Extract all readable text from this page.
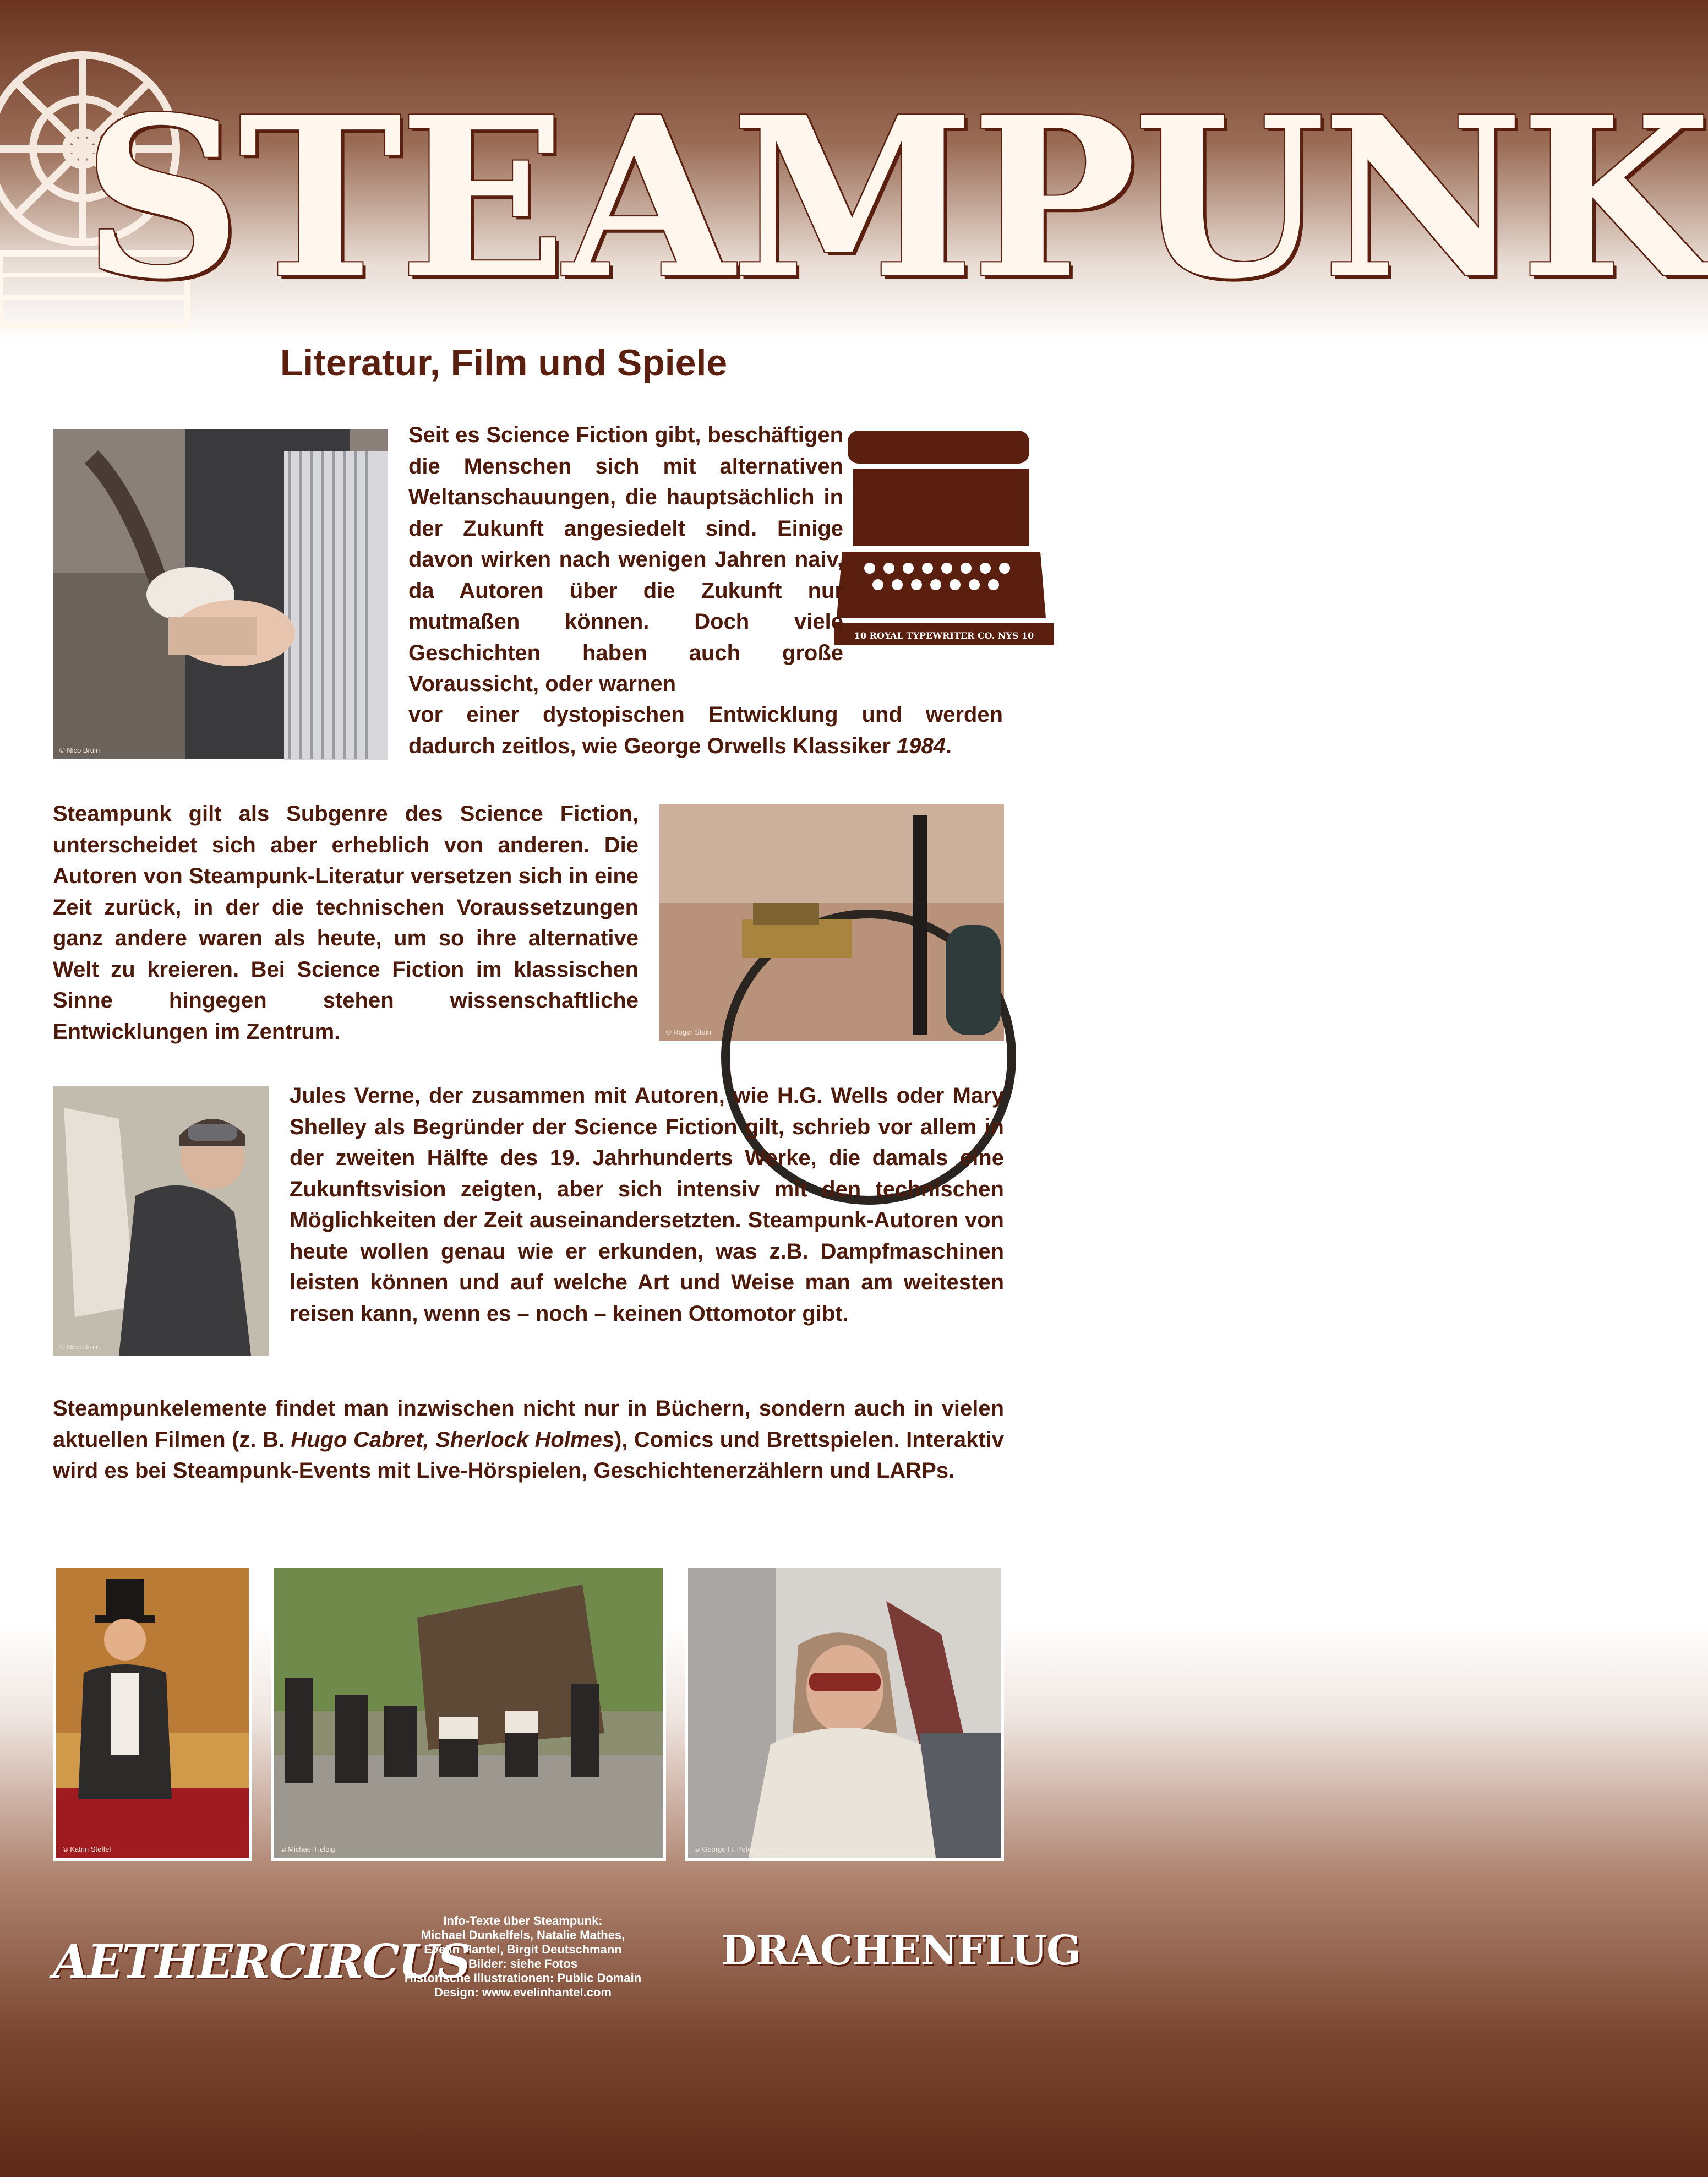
STEAMPUNK
Literatur, Film und Spiele
© Nico Bruin
10 ROYAL TYPEWRITER CO. NYS 10

Seit es Science Fiction gibt, beschäftigen die Menschen sich mit alternativen Weltanschauungen, die hauptsächlich in der Zukunft angesiedelt sind. Einige davon wirken nach wenigen Jahren naiv, da Autoren über die Zukunft nur mutmaßen können. Doch viele Geschichten haben auch große Voraussicht, oder warnen

vor einer dystopischen Entwicklung und werden dadurch zeitlos, wie George Orwells Klassiker 1984.

Steampunk gilt als Subgenre des Science Fiction, unterscheidet sich aber erheblich von anderen. Die Autoren von Steampunk-Literatur versetzen sich in eine Zeit zurück, in der die technischen Voraussetzungen ganz andere waren als heute, um so ihre alternative Welt zu kreieren. Bei Science Fiction im klassischen Sinne hingegen stehen wissenschaftliche Entwicklungen im Zentrum.	© Roger Stein
© Nico Bruin

Jules Verne, der zusammen mit Autoren, wie H.G. Wells oder Mary Shelley als Begründer der Science Fiction gilt, schrieb vor allem in der zweiten Hälfte des 19. Jahrhunderts Werke, die damals eine Zukunftsvision zeigten, aber sich intensiv mit den technischen Möglichkeiten der Zeit auseinandersetzten. Steampunk-Autoren von heute wollen genau wie er erkunden, was z.B. Dampfmaschinen leisten können und auf welche Art und Weise man am weitesten reisen kann, wenn es – noch – keinen Ottomotor gibt.

Steampunkelemente findet man inzwischen nicht nur in Büchern, sondern auch in vielen aktuellen Filmen (z. B. Hugo Cabret, Sherlock Holmes), Comics und Brettspielen. Interaktiv wird es bei Steampunk-Events mit Live-Hörspielen, Geschichtenerzählern und LARPs.

© Katrin Steffel	© Michael Helbig	© George H. Peters | Hamburg
AETHERCIRCUS
Info-Texte über Steampunk:
Michael Dunkelfels, Natalie Mathes,
Evelin Hantel, Birgit Deutschmann
Bilder: siehe Fotos
Historische Illustrationen: Public Domain
Design: www.evelinhantel.com
DRACHENFLUG
